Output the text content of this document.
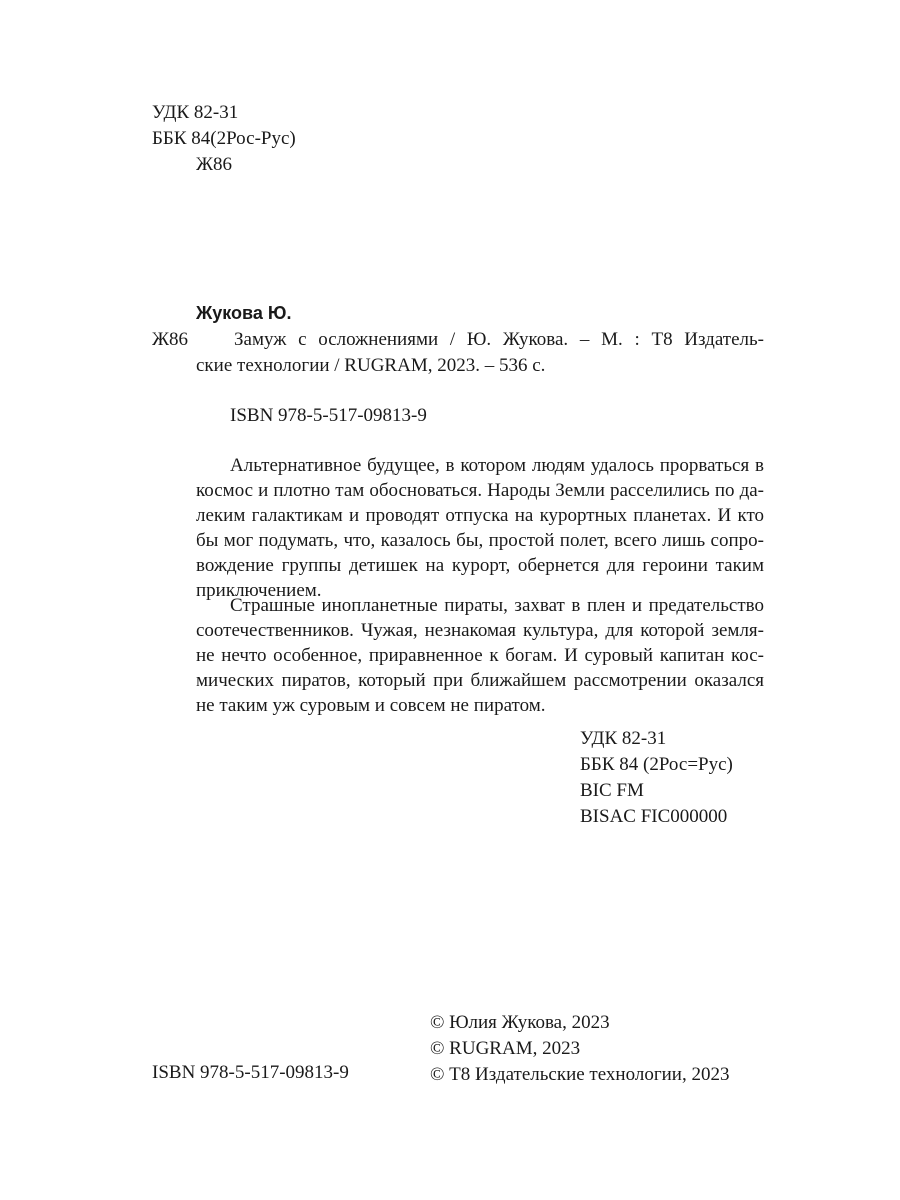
УДК 82-31
ББК 84(2Рос-Рус)
Ж86
Жукова Ю.
Ж86 Замуж с осложнениями / Ю. Жукова. – М. : Т8 Издатель-
ские технологии / RUGRAM, 2023. – 536 с.
ISBN 978-5-517-09813-9
Альтернативное будущее, в котором людям удалось прорваться в
космос и плотно там обосноваться. Народы Земли расселились по да-
леким галактикам и проводят отпуска на курортных планетах. И кто
бы мог подумать, что, казалось бы, простой полет, всего лишь сопро-
вождение группы детишек на курорт, обернется для героини таким
приключением.
Страшные инопланетные пираты, захват в плен и предательство
соотечественников. Чужая, незнакомая культура, для которой земля-
не нечто особенное, приравненное к богам. И суровый капитан кос-
мических пиратов, который при ближайшем рассмотрении оказался
не таким уж суровым и совсем не пиратом.
УДК 82-31
ББК 84 (2Рос=Рус)
BIC FM
BISAC FIC000000
© Юлия Жукова, 2023
© RUGRAM, 2023
ISBN 978-5-517-09813-9	© Т8 Издательские технологии, 2023
